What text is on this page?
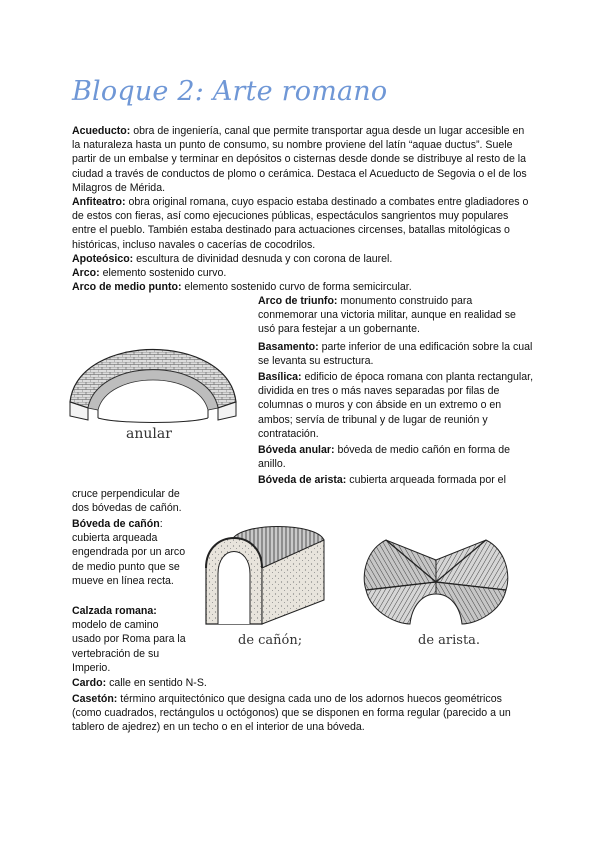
Bloque 2: Arte romano

Acueducto: obra de ingeniería, canal que permite transportar agua desde un lugar accesible en la naturaleza hasta un punto de consumo, su nombre proviene del latín “aquae ductus”. Suele partir de un embalse y terminar en depósitos o cisternas desde donde se distribuye al resto de la ciudad a través de conductos de plomo o cerámica. Destaca el Acueducto de Segovia o el de los Milagros de Mérida.

Anfiteatro: obra original romana, cuyo espacio estaba destinado a combates entre gladiadores o de estos con fieras, así como ejecuciones públicas, espectáculos sangrientos muy populares entre el pueblo. También estaba destinado para actuaciones circenses, batallas mitológicas o históricas, incluso navales o cacerías de cocodrilos.

Apoteósico: escultura de divinidad desnuda y con corona de laurel.

Arco: elemento sostenido curvo.

Arco de medio punto: elemento sostenido curvo de forma semicircular.

anular

Arco de triunfo: monumento construido para conmemorar una victoria militar, aunque en realidad se usó para festejar a un gobernante.

Basamento: parte inferior de una edificación sobre la cual se levanta su estructura.

Basílica: edificio de época romana con planta rectangular, dividida en tres o más naves separadas por filas de columnas o muros y con ábside en un extremo o en ambos; servía de tribunal y de lugar de reunión y contratación.

Bóveda anular: bóveda de medio cañón en forma de anillo.

Bóveda de arista: cubierta arqueada formada por el

cruce perpendicular de dos bóvedas de cañón.

Bóveda de cañón: cubierta arqueada engendrada por un arco de medio punto que se mueve en línea recta.

de cañón;	de arista.

Calzada romana: modelo de camino usado por Roma para la vertebración de su Imperio.

Cardo: calle en sentido N-S.

Casetón: término arquitectónico que designa cada uno de los adornos huecos geométricos (como cuadrados, rectángulos u octógonos) que se disponen en forma regular (parecido a un tablero de ajedrez) en un techo o en el interior de una bóveda.
